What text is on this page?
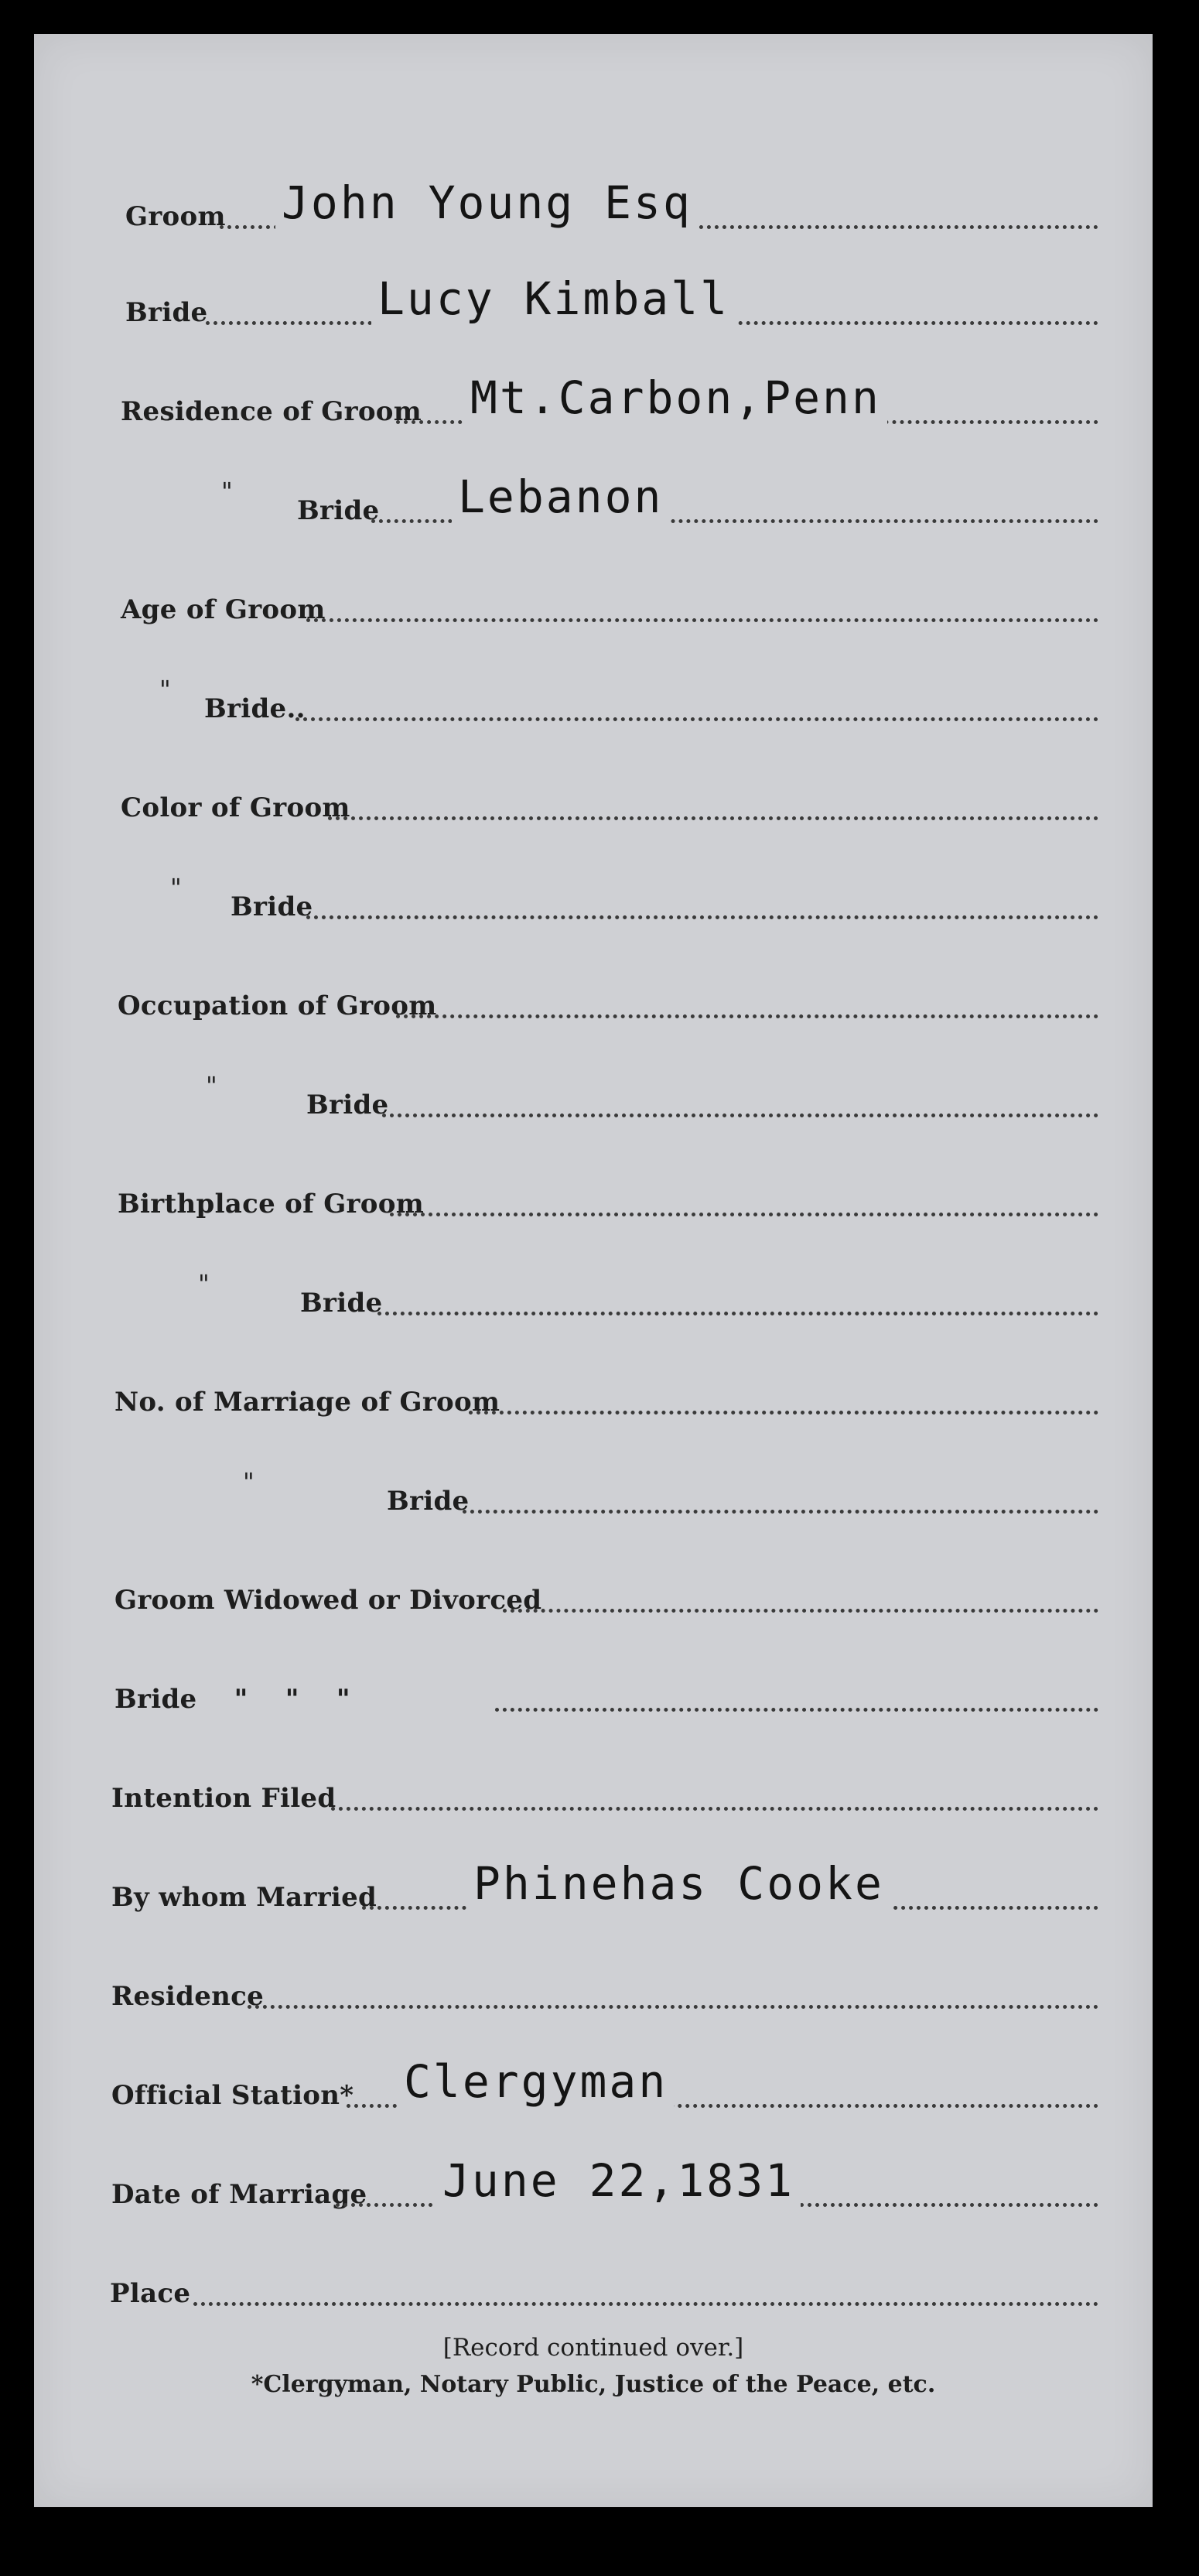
Groom John Young Esq
Bride	Lucy Kimball
Residence of Groom Mt.Carbon,Penn
"
Bride Lebanon
Age of Groom
"
Bride..
Color of Groom
"
Bride
Occupation of Groom
"
Bride
Birthplace of Groom
"
Bride
No. of Marriage of Groom
"
Bride
Groom Widowed or Divorced
Bride " " "
Intention Filed
By whom Married Phinehas Cooke
Residence
Official Station* Clergyman
Date of Marriage June 22,1831
Place
[Record continued over.]
*Clergyman, Notary Public, Justice of the Peace, etc.
